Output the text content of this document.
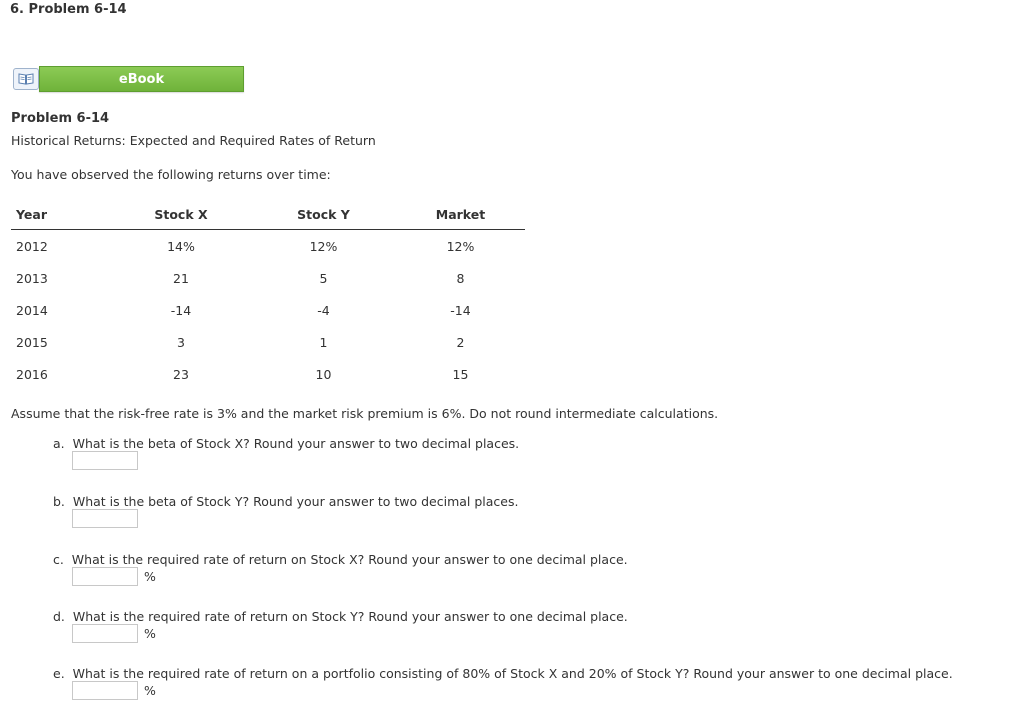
6. Problem 6-14
eBook
Problem 6-14
Historical Returns: Expected and Required Rates of Return
You have observed the following returns over time:
Year	Stock X	Stock Y	Market
2012	14%	12%	12%
2013	21	5	8
2014	-14	-4	-14
2015	3	1	2
2016	23	10	15
Assume that the risk-free rate is 3% and the market risk premium is 6%. Do not round intermediate calculations.
a.  What is the beta of Stock X? Round your answer to two decimal places.
b.  What is the beta of Stock Y? Round your answer to two decimal places.
c.  What is the required rate of return on Stock X? Round your answer to one decimal place.
%
d.  What is the required rate of return on Stock Y? Round your answer to one decimal place.
%
e.  What is the required rate of return on a portfolio consisting of 80% of Stock X and 20% of Stock Y? Round your answer to one decimal place.
%
